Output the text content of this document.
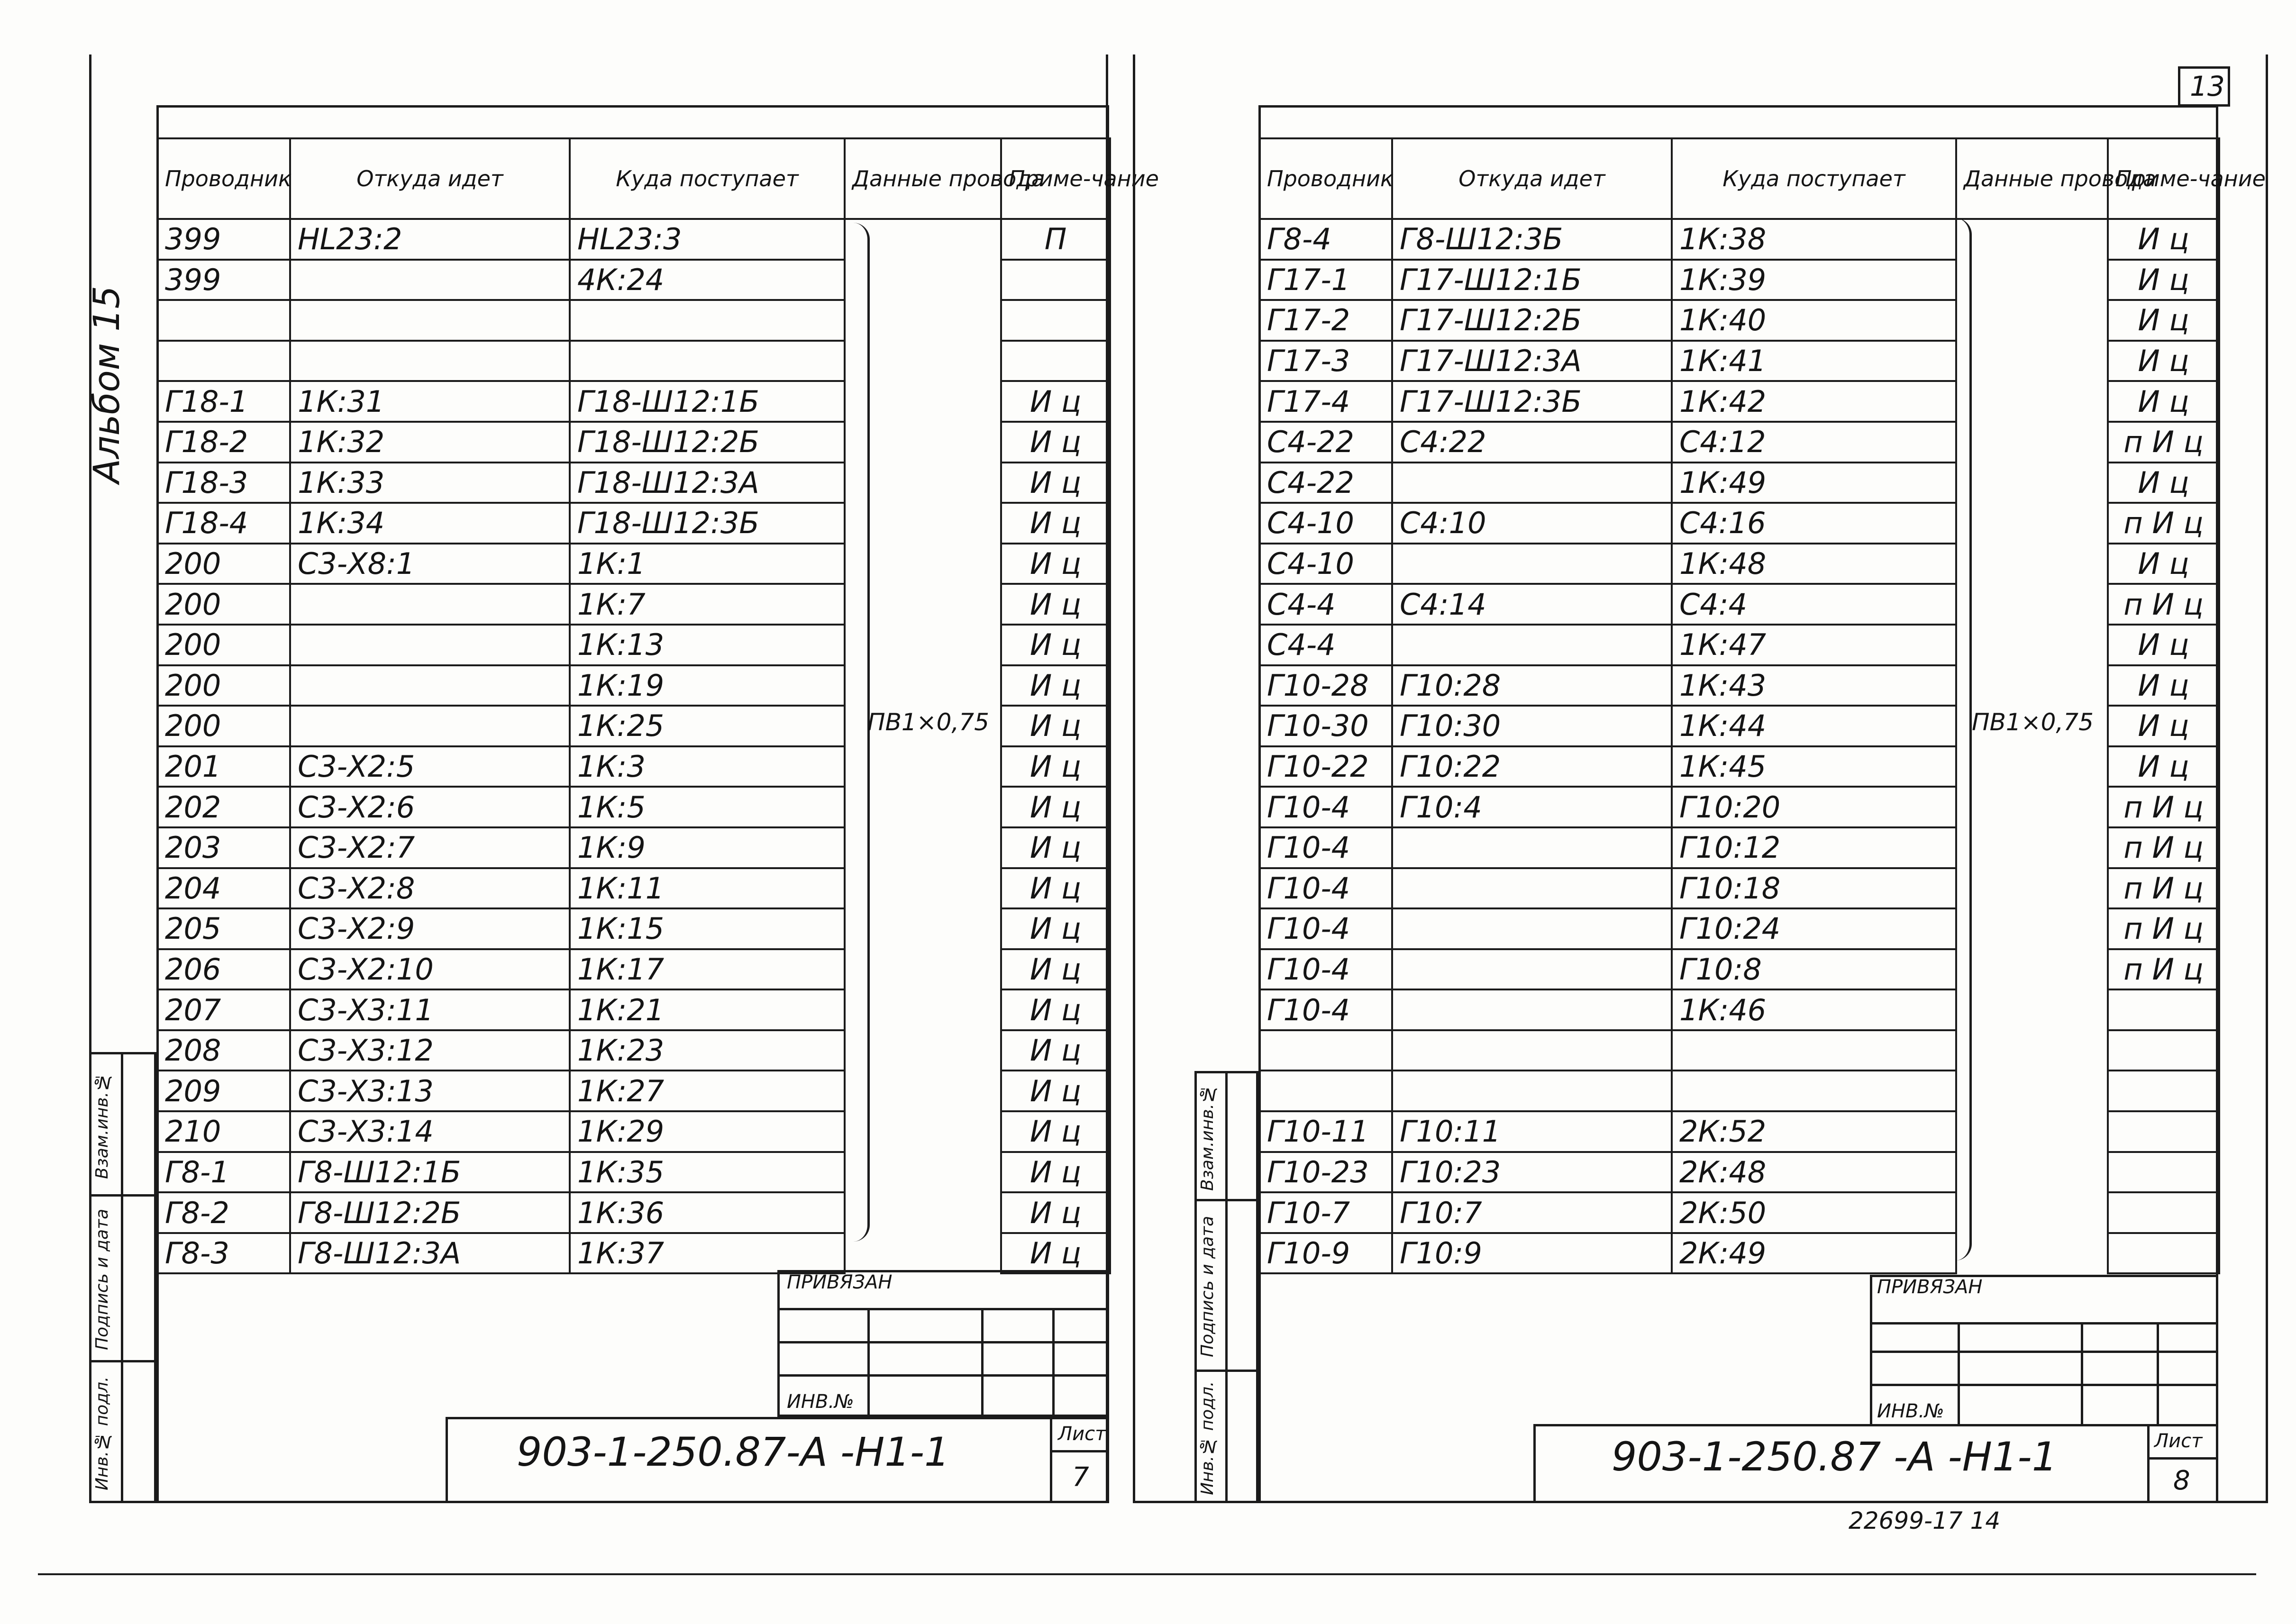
Альбом 15
Взам.инв.№
Подпись и дата
Инв.№ подл.
Проводник	Откуда идет	Куда поступает	Данные провода	Приме-чание
399	HL23:2	HL23:3		П
399		4К:24		

Г18-1	1К:31	Г18-Ш12:1Б		И ц
Г18-2	1К:32	Г18-Ш12:2Б		И ц
Г18-3	1К:33	Г18-Ш12:3А		И ц
Г18-4	1К:34	Г18-Ш12:3Б		И ц
200	С3-Х8:1	1К:1		И ц
200		1К:7		И ц
200		1К:13		И ц
200		1К:19		И ц
200		1К:25		И ц
201	С3-Х2:5	1К:3		И ц
202	С3-Х2:6	1К:5		И ц
203	С3-Х2:7	1К:9		И ц
204	С3-Х2:8	1К:11		И ц
205	С3-Х2:9	1К:15		И ц
206	С3-Х2:10	1К:17		И ц
207	С3-Х3:11	1К:21		И ц
208	С3-Х3:12	1К:23		И ц
209	С3-Х3:13	1К:27		И ц
210	С3-Х3:14	1К:29		И ц
Г8-1	Г8-Ш12:1Б	1К:35		И ц
Г8-2	Г8-Ш12:2Б	1К:36		И ц
Г8-3	Г8-Ш12:3А	1К:37		И ц
ПВ1×0,75
ПРИВЯЗАН
ИНВ.№
903-1-250.87-А -Н1-1	Лист
7
13
Взам.инв.№
Подпись и дата
Инв.№ подл.
Проводник	Откуда идет	Куда поступает	Данные провода	Приме-чание
Г8-4	Г8-Ш12:3Б	1К:38		И ц
Г17-1	Г17-Ш12:1Б	1К:39		И ц
Г17-2	Г17-Ш12:2Б	1К:40		И ц
Г17-3	Г17-Ш12:3А	1К:41		И ц
Г17-4	Г17-Ш12:3Б	1К:42		И ц
С4-22	С4:22	С4:12		п И ц
С4-22		1К:49		И ц
С4-10	С4:10	С4:16		п И ц
С4-10		1К:48		И ц
С4-4	С4:14	С4:4		п И ц
С4-4		1К:47		И ц
Г10-28	Г10:28	1К:43		И ц
Г10-30	Г10:30	1К:44		И ц
Г10-22	Г10:22	1К:45		И ц
Г10-4	Г10:4	Г10:20		п И ц
Г10-4		Г10:12		п И ц
Г10-4		Г10:18		п И ц
Г10-4		Г10:24		п И ц
Г10-4		Г10:8		п И ц
Г10-4		1К:46		

Г10-11	Г10:11	2К:52		
Г10-23	Г10:23	2К:48		
Г10-7	Г10:7	2К:50		
Г10-9	Г10:9	2К:49		
ПВ1×0,75
ПРИВЯЗАН
ИНВ.№
903-1-250.87 -А -Н1-1	Лист
8
22699-17 14
